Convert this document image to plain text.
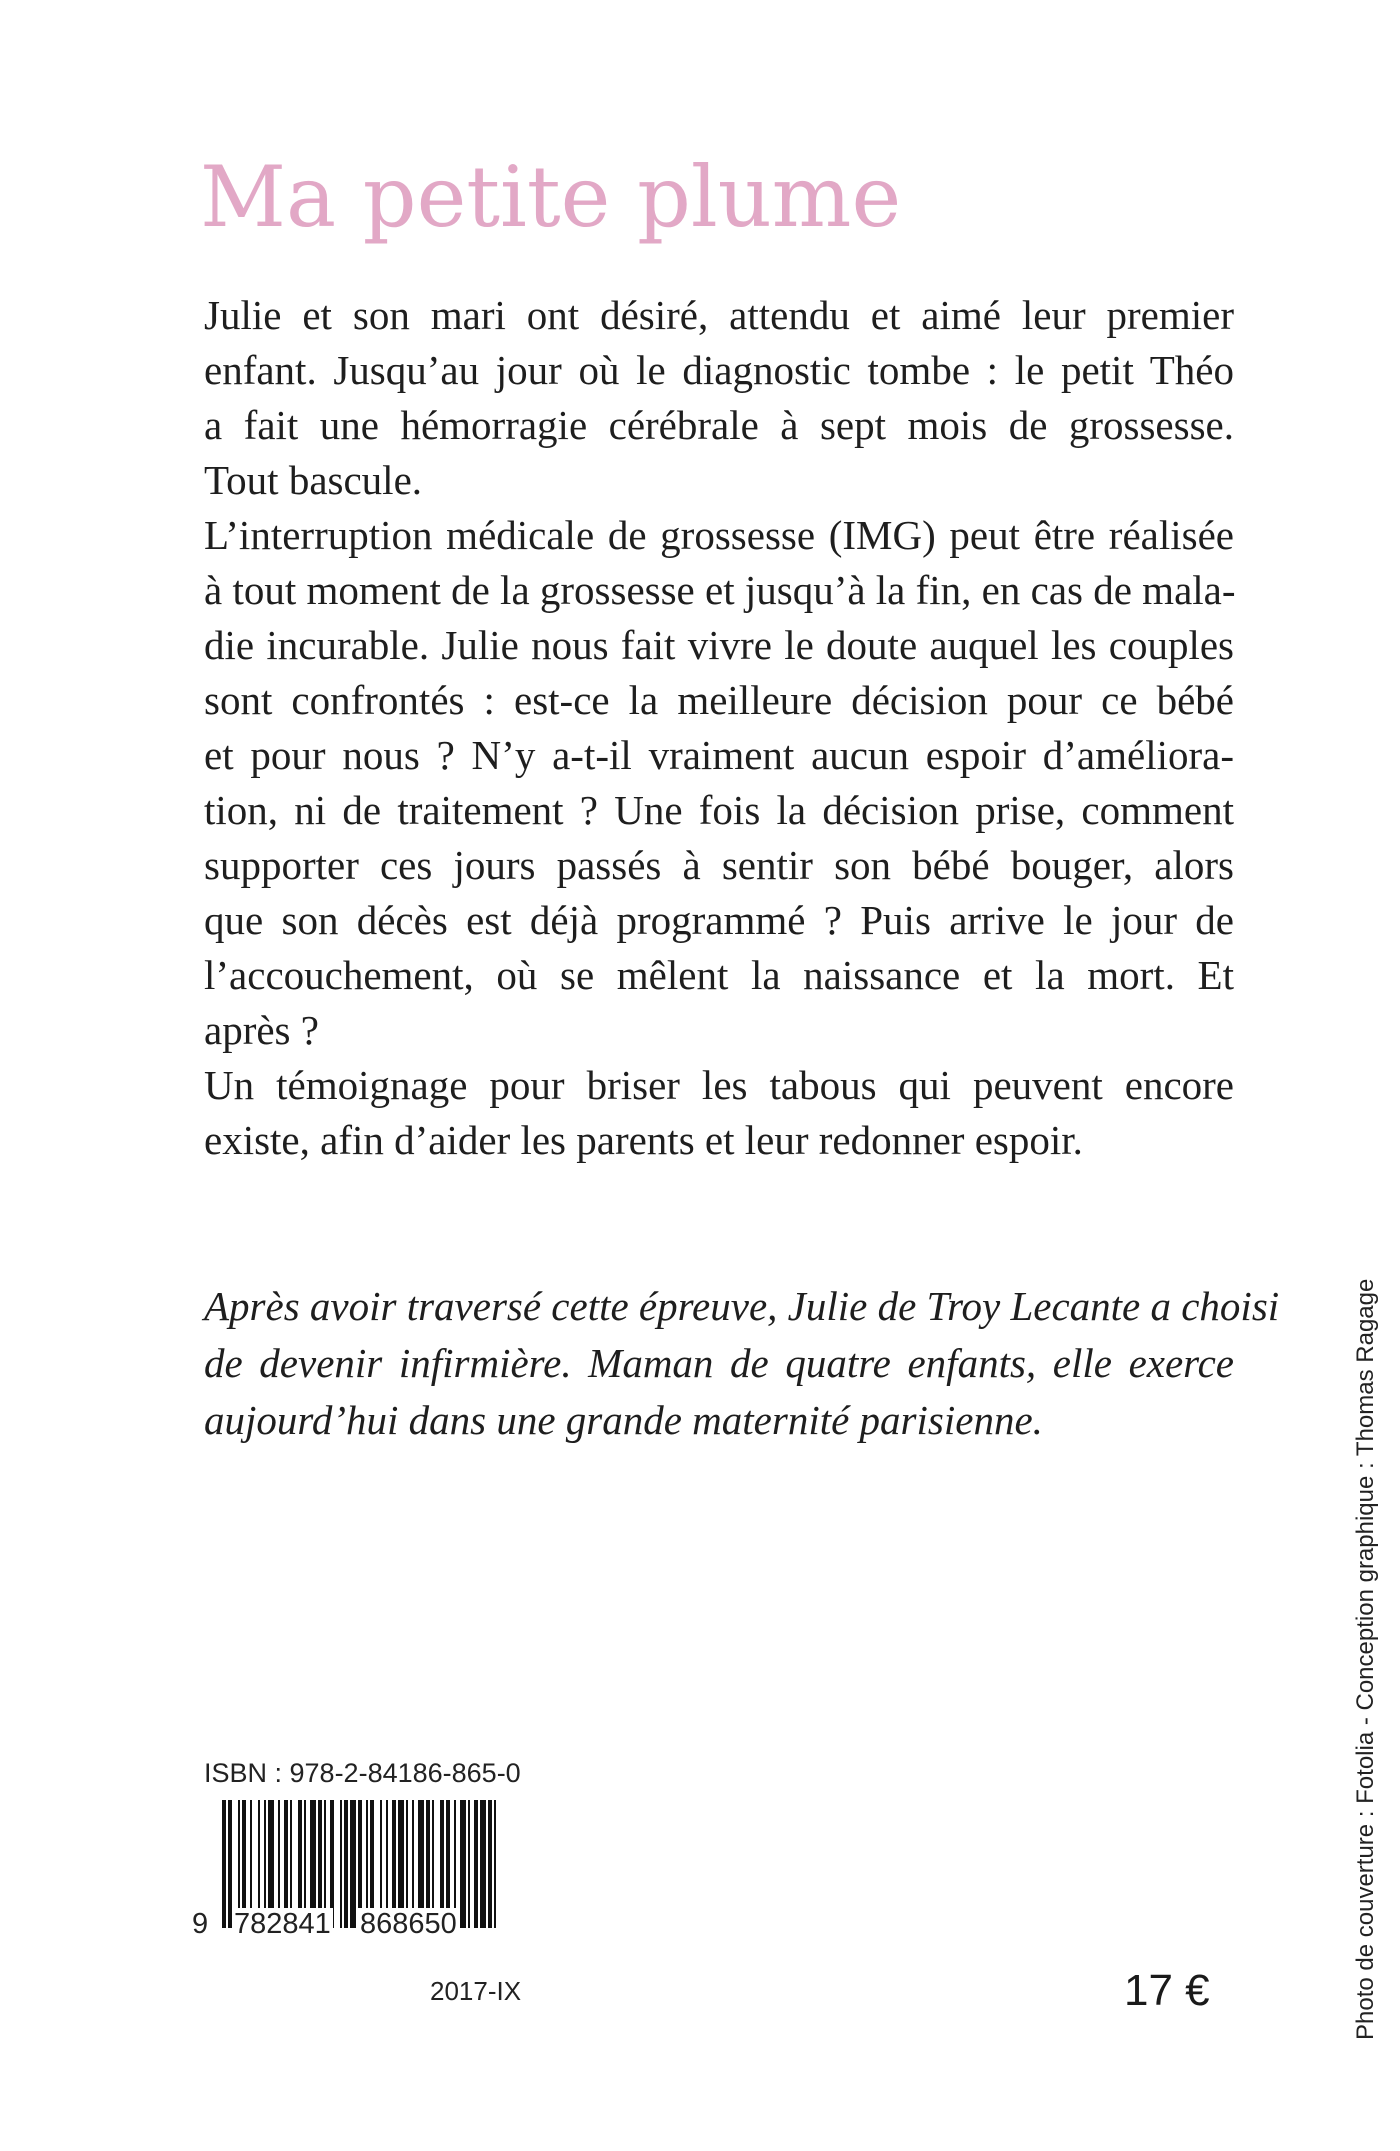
Ma petite plume
Julie et son mari ont désiré, attendu et aimé leur premier
enfant. Jusqu’au jour où le diagnostic tombe : le petit Théo
a fait une hémorragie cérébrale à sept mois de grossesse.
Tout bascule.
L’interruption médicale de grossesse (IMG) peut être réalisée
à tout moment de la grossesse et jusqu’à la fin, en cas de mala-
die incurable. Julie nous fait vivre le doute auquel les couples
sont confrontés : est-ce la meilleure décision pour ce bébé
et pour nous ? N’y a-t-il vraiment aucun espoir d’améliora-
tion, ni de traitement ? Une fois la décision prise, comment
supporter ces jours passés à sentir son bébé bouger, alors
que son décès est déjà programmé ? Puis arrive le jour de
l’accouchement, où se mêlent la naissance et la mort. Et
après ?
Un témoignage pour briser les tabous qui peuvent encore
existe, afin d’aider les parents et leur redonner espoir.
Après avoir traversé cette épreuve, Julie de Troy Lecante a choisi
de devenir infirmière. Maman de quatre enfants, elle exerce
aujourd’hui dans une grande maternité parisienne.
ISBN : 978-2-84186-865-0
9 782841 868650
2017-IX	17 €	Photo de couverture : Fotolia - Conception graphique : Thomas Ragage
